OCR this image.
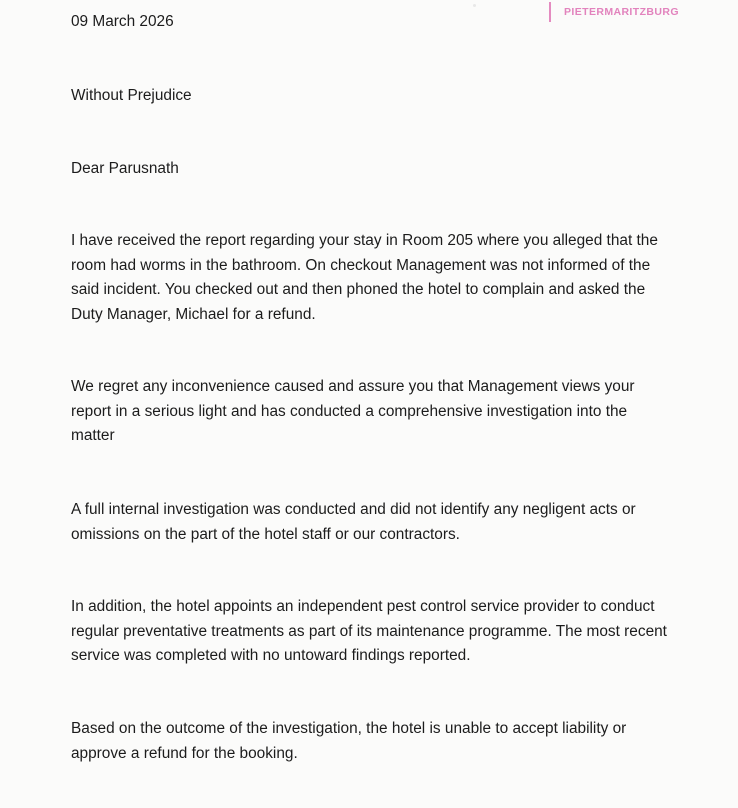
PIETERMARITZBURG
09 March 2026
Without Prejudice
Dear Parusnath
I have received the report regarding your stay in Room 205 where you alleged that the
room had worms in the bathroom. On checkout Management was not informed of the
said incident. You checked out and then phoned the hotel to complain and asked the
Duty Manager, Michael for a refund.
We regret any inconvenience caused and assure you that Management views your
report in a serious light and has conducted a comprehensive investigation into the
matter
A full internal investigation was conducted and did not identify any negligent acts or
omissions on the part of the hotel staff or our contractors.
In addition, the hotel appoints an independent pest control service provider to conduct
regular preventative treatments as part of its maintenance programme. The most recent
service was completed with no untoward findings reported.
Based on the outcome of the investigation, the hotel is unable to accept liability or
approve a refund for the booking.
